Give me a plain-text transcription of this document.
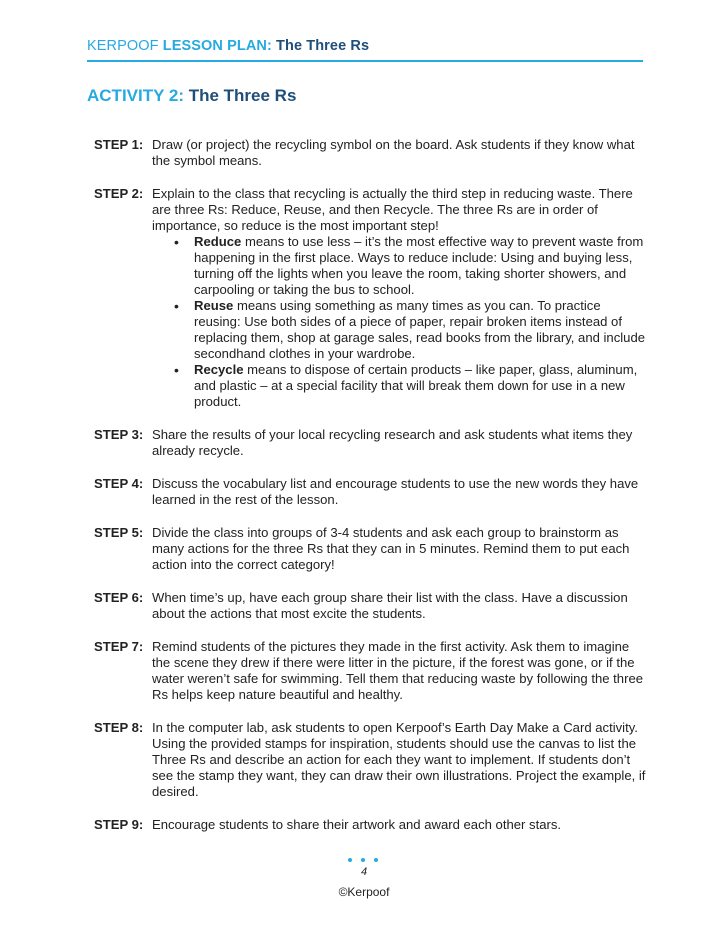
KERPOOF LESSON PLAN: The Three Rs
ACTIVITY 2: The Three Rs
STEP 1: Draw (or project) the recycling symbol on the board. Ask students if they know what the symbol means.
STEP 2: Explain to the class that recycling is actually the third step in reducing waste. There are three Rs: Reduce, Reuse, and then Recycle. The three Rs are in order of importance, so reduce is the most important step!
• Reduce means to use less – it’s the most effective way to prevent waste from happening in the first place. Ways to reduce include: Using and buying less, turning off the lights when you leave the room, taking shorter showers, and carpooling or taking the bus to school.
• Reuse means using something as many times as you can. To practice reusing: Use both sides of a piece of paper, repair broken items instead of replacing them, shop at garage sales, read books from the library, and include secondhand clothes in your wardrobe.
• Recycle means to dispose of certain products – like paper, glass, aluminum, and plastic – at a special facility that will break them down for use in a new product.
STEP 3: Share the results of your local recycling research and ask students what items they already recycle.
STEP 4: Discuss the vocabulary list and encourage students to use the new words they have learned in the rest of the lesson.
STEP 5: Divide the class into groups of 3-4 students and ask each group to brainstorm as many actions for the three Rs that they can in 5 minutes. Remind them to put each action into the correct category!
STEP 6: When time’s up, have each group share their list with the class. Have a discussion about the actions that most excite the students.
STEP 7: Remind students of the pictures they made in the first activity. Ask them to imagine the scene they drew if there were litter in the picture, if the forest was gone, or if the water weren’t safe for swimming. Tell them that reducing waste by following the three Rs helps keep nature beautiful and healthy.
STEP 8: In the computer lab, ask students to open Kerpoof’s Earth Day Make a Card activity. Using the provided stamps for inspiration, students should use the canvas to list the Three Rs and describe an action for each they want to implement. If students don’t see the stamp they want, they can draw their own illustrations. Project the example, if desired.
STEP 9: Encourage students to share their artwork and award each other stars.
4
©Kerpoof
